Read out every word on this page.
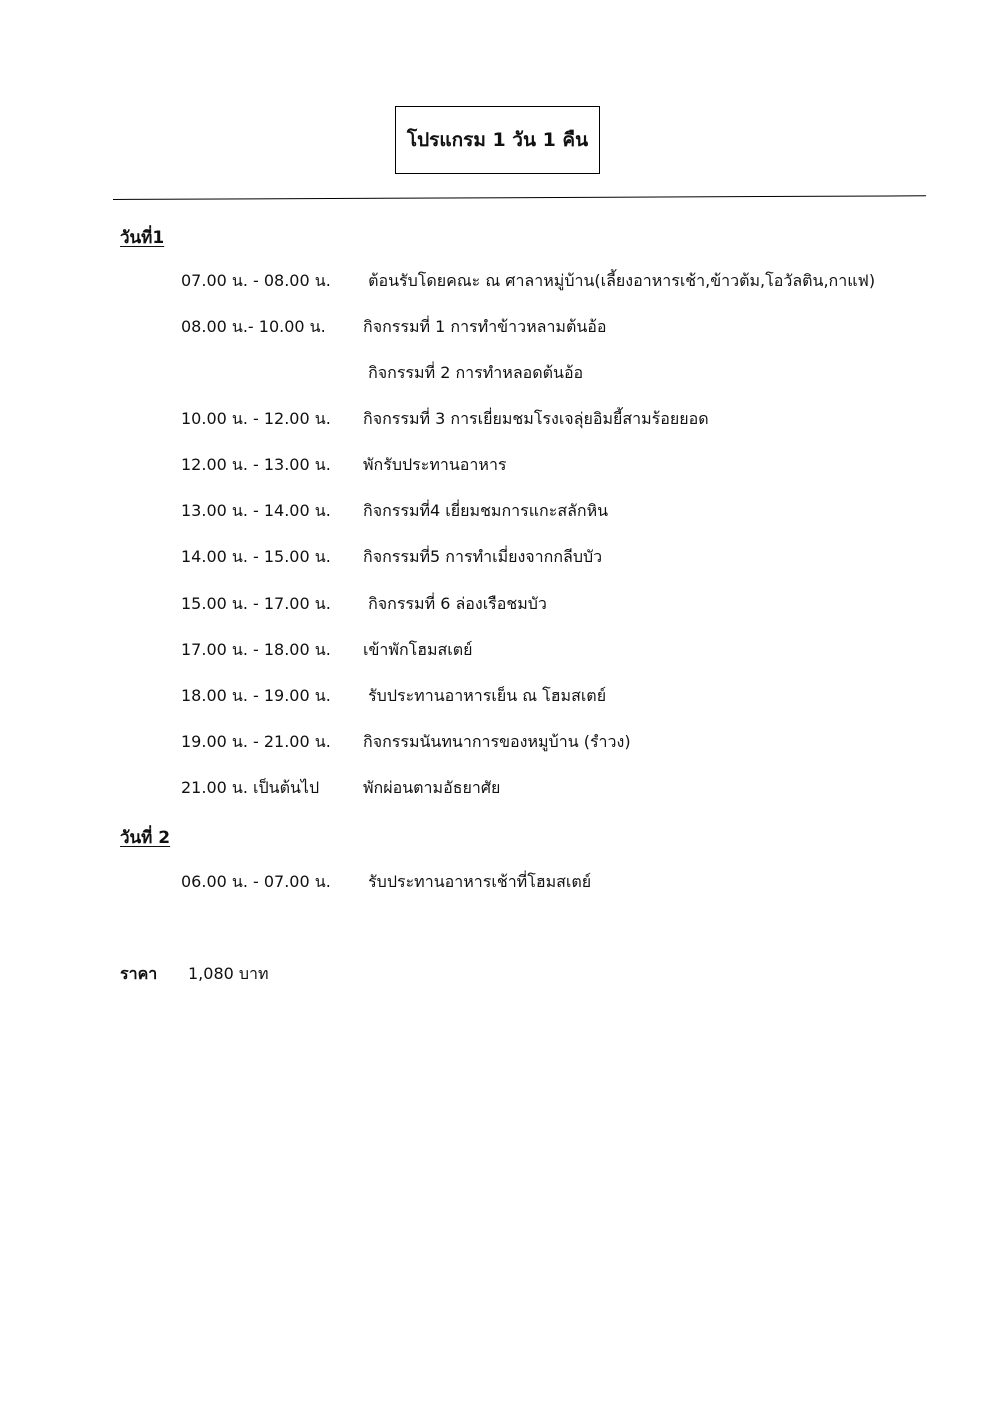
โปรแกรม 1 วัน 1 คืน
วันที่1
07.00 น. - 08.00 น.	ต้อนรับโดยคณะ ณ ศาลาหมู่บ้าน(เลี้ยงอาหารเช้า,ข้าวต้ม,โอวัลติน,กาแฟ)
08.00 น.- 10.00 น.	กิจกรรมที่ 1 การทำข้าวหลามต้นอ้อ
กิจกรรมที่ 2 การทำหลอดต้นอ้อ
10.00 น. - 12.00 น.	กิจกรรมที่ 3 การเยี่ยมชมโรงเจลุ่ยอิมยี้สามร้อยยอด
12.00 น. - 13.00 น.	พักรับประทานอาหาร
13.00 น. - 14.00 น.	กิจกรรมที่4 เยี่ยมชมการแกะสลักหิน
14.00 น. - 15.00 น.	กิจกรรมที่5 การทำเมี่ยงจากกลีบบัว
15.00 น. - 17.00 น.	กิจกรรมที่ 6 ล่องเรือชมบัว
17.00 น. - 18.00 น.	เข้าพักโฮมสเตย์
18.00 น. - 19.00 น.	รับประทานอาหารเย็น ณ โฮมสเตย์
19.00 น. - 21.00 น.	กิจกรรมนันทนาการของหมูบ้าน (รำวง)
21.00 น. เป็นต้นไป	พักผ่อนตามอัธยาศัย
วันที่ 2
06.00 น. - 07.00 น.	รับประทานอาหารเช้าที่โฮมสเตย์
ราคา	1,080 บาท
